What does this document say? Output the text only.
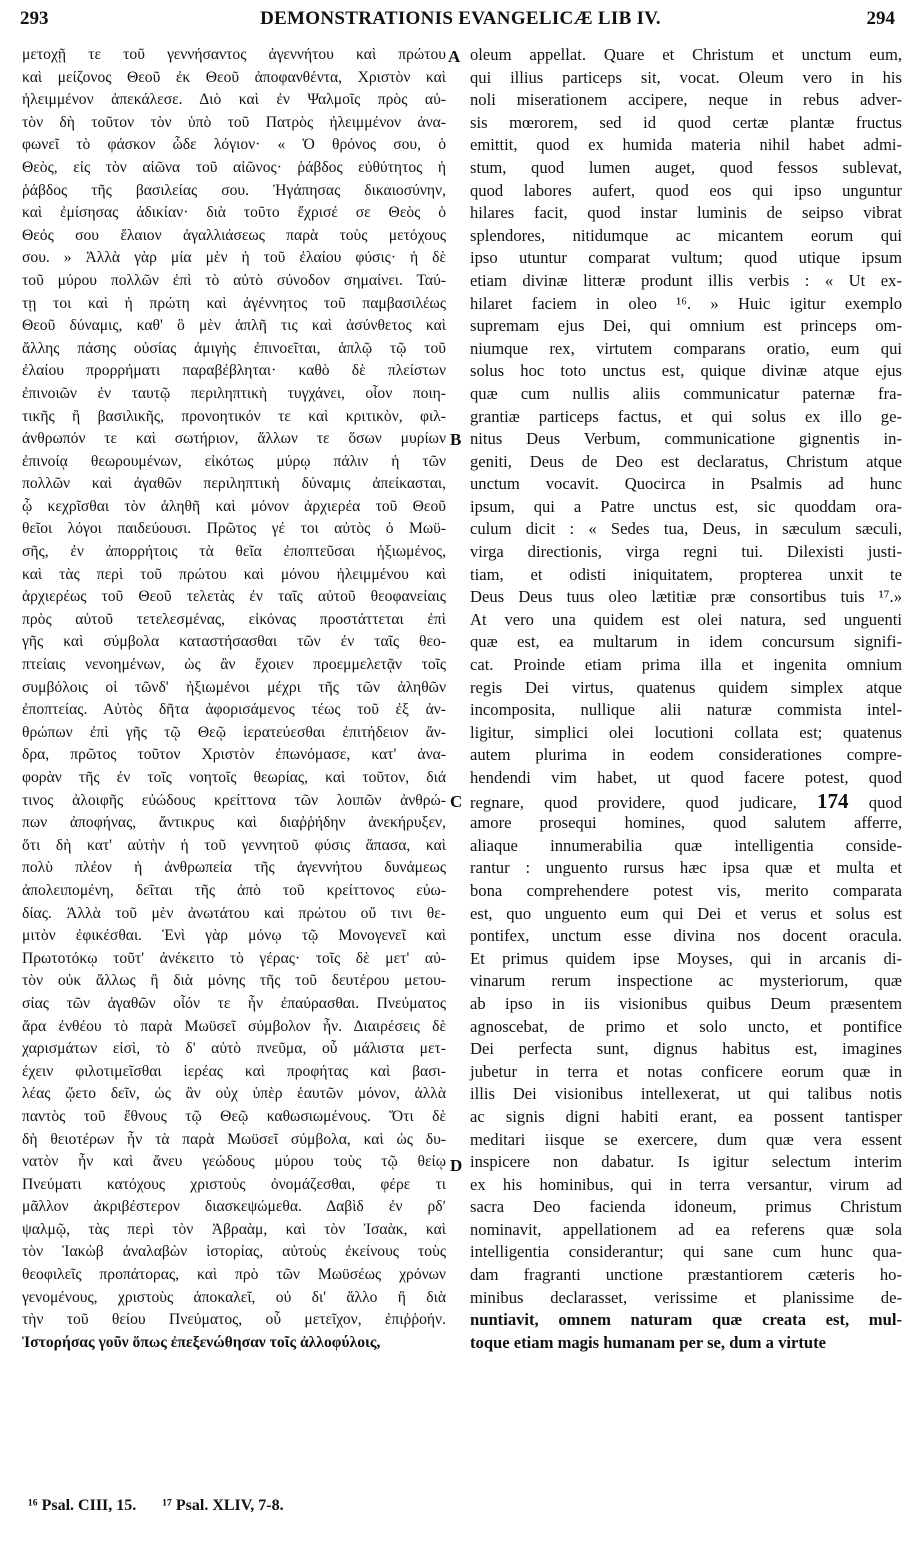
293	DEMONSTRATIONIS EVANGELICÆ LIB IV.	294
μετοχῇ τε τοῦ γεννήσαντος ἀγεννήτου καὶ πρώτου
καὶ μείζονος Θεοῦ ἐκ Θεοῦ ἀποφανθέντα, Χριστὸν καὶ
ἠλειμμένον ἀπεκάλεσε. Διὸ καὶ ἐν Ψαλμοῖς πρὸς αὐ-
τὸν δὴ τοῦτον τὸν ὑπὸ τοῦ Πατρὸς ἠλειμμένον ἀνα-
φωνεῖ τὸ φάσκον ὧδε λόγιον· « Ὁ θρόνος σου, ὁ
Θεὸς, εἰς τὸν αἰῶνα τοῦ αἰῶνος· ῥάβδος εὐθύτητος ἡ
ῥάβδος τῆς βασιλείας σου. Ἠγάπησας δικαιοσύνην,
καὶ ἐμίσησας ἀδικίαν· διὰ τοῦτο ἔχρισέ σε Θεὸς ὁ
Θεός σου ἔλαιον ἀγαλλιάσεως παρὰ τοὺς μετόχους
σου. » Ἀλλὰ γὰρ μία μὲν ἡ τοῦ ἐλαίου φύσις· ἡ δὲ
τοῦ μύρου πολλῶν ἐπὶ τὸ αὐτὸ σύνοδον σημαίνει. Ταύ-
τῃ τοι καὶ ἡ πρώτη καὶ ἀγέννητος τοῦ παμβασιλέως
Θεοῦ δύναμις, καθ' ὃ μὲν ἁπλῆ τις καὶ ἀσύνθετος καὶ
ἄλλης πάσης οὐσίας ἀμιγὴς ἐπινοεῖται, ἁπλῷ τῷ τοῦ
ἐλαίου προρρήματι παραβέβληται· καθὸ δὲ πλείστων
ἐπινοιῶν ἐν ταυτῷ περιληπτικὴ τυγχάνει, οἷον ποιη-
τικῆς ἢ βασιλικῆς, προνοητικόν τε καὶ κριτικὸν, φιλ-
άνθρωπόν τε καὶ σωτήριον, ἄλλων τε ὅσων μυρίων
ἐπινοίᾳ θεωρουμένων, εἰκότως μύρῳ πάλιν ἡ τῶν
πολλῶν καὶ ἀγαθῶν περιληπτικὴ δύναμις ἀπείκασται,
ᾧ κεχρῖσθαι τὸν ἀληθῆ καὶ μόνον ἀρχιερέα τοῦ Θεοῦ
θεῖοι λόγοι παιδεύουσι. Πρῶτος γέ τοι αὐτὸς ὁ Μωϋ-
σῆς, ἐν ἀπορρήτοις τὰ θεῖα ἐποπτεῦσαι ἠξιωμένος,
καὶ τὰς περὶ τοῦ πρώτου καὶ μόνου ἠλειμμένου καὶ
ἀρχιερέως τοῦ Θεοῦ τελετὰς ἐν ταῖς αὐτοῦ θεοφανείαις
πρὸς αὐτοῦ τετελεσμένας, εἰκόνας προστάττεται ἐπὶ
γῆς καὶ σύμβολα καταστήσασθαι τῶν ἐν ταῖς θεο-
πτείαις νενοημένων, ὡς ἂν ἔχοιεν προεμμελετᾷν τοῖς
συμβόλοις οἱ τῶνδ' ἠξιωμένοι μέχρι τῆς τῶν ἀληθῶν
ἐποπτείας. Αὐτὸς δῆτα ἀφορισάμενος τέως τοῦ ἐξ ἀν-
θρώπων ἐπὶ γῆς τῷ Θεῷ ἱερατεύεσθαι ἐπιτήδειον ἄν-
δρα, πρῶτος τοῦτον Χριστὸν ἐπωνόμασε, κατ' ἀνα-
φορὰν τῆς ἐν τοῖς νοητοῖς θεωρίας, καὶ τοῦτον, διά
τινος ἀλοιφῆς εὐώδους κρείττονα τῶν λοιπῶν ἀνθρώ-
πων ἀποφήνας, ἄντικρυς καὶ διαῤῥήδην ἀνεκήρυξεν,
ὅτι δὴ κατ' αὐτὴν ἡ τοῦ γεννητοῦ φύσις ἅπασα, καὶ
πολὺ πλέον ἡ ἀνθρωπεία τῆς ἀγεννήτου δυνάμεως
ἀπολειπομένη, δεῖται τῆς ἀπὸ τοῦ κρείττονος εὐω-
δίας. Ἀλλὰ τοῦ μὲν ἀνωτάτου καὶ πρώτου οὔ τινι θε-
μιτὸν ἐφικέσθαι. Ἑνὶ γὰρ μόνῳ τῷ Μονογενεῖ καὶ
Πρωτοτόκῳ τοῦτ' ἀνέκειτο τὸ γέρας· τοῖς δὲ μετ' αὐ-
τὸν οὐκ ἄλλως ἢ διὰ μόνης τῆς τοῦ δευτέρου μετου-
σίας τῶν ἀγαθῶν οἷόν τε ἦν ἐπαύρασθαι. Πνεύματος
ἄρα ἐνθέου τὸ παρὰ Μωϋσεῖ σύμβολον ἦν. Διαιρέσεις δὲ
χαρισμάτων εἰσὶ, τὸ δ' αὐτὸ πνεῦμα, οὗ μάλιστα μετ-
έχειν φιλοτιμεῖσθαι ἱερέας καὶ προφήτας καὶ βασι-
λέας ᾤετο δεῖν, ὡς ἂν οὐχ ὑπὲρ ἑαυτῶν μόνον, ἀλλὰ
παντὸς τοῦ ἔθνους τῷ Θεῷ καθωσιωμένους. Ὅτι δὲ
δὴ θειοτέρων ἦν τὰ παρὰ Μωϋσεῖ σύμβολα, καὶ ὡς δυ-
νατὸν ἦν καὶ ἄνευ γεώδους μύρου τοὺς τῷ θείῳ
Πνεύματι κατόχους χριστοὺς ὀνομάζεσθαι, φέρε τι
μᾶλλον ἀκριβέστερον διασκεψώμεθα. Δαβὶδ ἐν ρδʹ
ψαλμῷ, τὰς περὶ τὸν Ἀβραὰμ, καὶ τὸν Ἰσαὰκ, καὶ
τὸν Ἰακὼβ ἀναλαβὼν ἱστορίας, αὐτοὺς ἐκείνους τοὺς
θεοφιλεῖς προπάτορας, καὶ πρὸ τῶν Μωϋσέως χρόνων
γενομένους, χριστοὺς ἀποκαλεῖ, οὐ δι' ἄλλο ἢ διὰ
τὴν τοῦ θείου Πνεύματος, οὗ μετεῖχον, ἐπιῤῥοήν.
Ἱστορήσας γοῦν ὅπως ἐπεξενώθησαν τοῖς ἀλλοφύλοις,
oleum appellat. Quare et Christum et unctum eum,
qui illius particeps sit, vocat. Oleum vero in his
noli miserationem accipere, neque in rebus adver-
sis mœrorem, sed id quod certæ plantæ fructus
emittit, quod ex humida materia nihil habet admi-
stum, quod lumen auget, quod fessos sublevat,
quod labores aufert, quod eos qui ipso unguntur
hilares facit, quod instar luminis de seipso vibrat
splendores, nitidumque ac micantem eorum qui
ipso utuntur comparat vultum; quod utique ipsum
etiam divinæ litteræ produnt illis verbis : « Ut ex-
hilaret faciem in oleo ¹⁶. » Huic igitur exemplo
supremam ejus Dei, qui omnium est princeps om-
niumque rex, virtutem comparans oratio, eum qui
solus hoc toto unctus est, quique divinæ atque ejus
quæ cum nullis aliis communicatur paternæ fra-
grantiæ particeps factus, et qui solus ex illo ge-
nitus Deus Verbum, communicatione gignentis in-
geniti, Deus de Deo est declaratus, Christum atque
unctum vocavit. Quocirca in Psalmis ad hunc
ipsum, qui a Patre unctus est, sic quoddam ora-
culum dicit : « Sedes tua, Deus, in sæculum sæculi,
virga directionis, virga regni tui. Dilexisti justi-
tiam, et odisti iniquitatem, propterea unxit te
Deus Deus tuus oleo lætitiæ præ consortibus tuis ¹⁷.»
At vero una quidem est olei natura, sed unguenti
quæ est, ea multarum in idem concursum signifi-
cat. Proinde etiam prima illa et ingenita omnium
regis Dei virtus, quatenus quidem simplex atque
incomposita, nullique alii naturæ commista intel-
ligitur, simplici olei locutioni collata est; quatenus
autem plurima in eodem considerationes compre-
hendendi vim habet, ut quod facere potest, quod
regnare, quod providere, quod judicare, 174 quod
amore prosequi homines, quod salutem afferre,
aliaque innumerabilia quæ intelligentia conside-
rantur : unguento rursus hæc ipsa quæ et multa et
bona comprehendere potest vis, merito comparata
est, quo unguento eum qui Dei et verus et solus est
pontifex, unctum esse divina nos docent oracula.
Et primus quidem ipse Moyses, qui in arcanis di-
vinarum rerum inspectione ac mysteriorum, quæ
ab ipso in iis visionibus quibus Deum præsentem
agnoscebat, de primo et solo uncto, et pontifice
Dei perfecta sunt, dignus habitus est, imagines
jubetur in terra et notas conficere eorum quæ in
illis Dei visionibus intellexerat, ut qui talibus notis
ac signis digni habiti erant, ea possent tantisper
meditari iisque se exercere, dum quæ vera essent
inspicere non dabatur. Is igitur selectum interim
ex his hominibus, qui in terra versantur, virum ad
sacra Deo facienda idoneum, primus Christum
nominavit, appellationem ad ea referens quæ sola
intelligentia considerantur; qui sane cum hunc qua-
dam fragranti unctione præstantiorem cæteris ho-
minibus declarasset, verissime et planissime de-
nuntiavit, omnem naturam quæ creata est, mul-
toque etiam magis humanam per se, dum a virtute
A
B
C
D
¹⁶ Psal. CIII, 15. ¹⁷ Psal. XLIV, 7-8.
